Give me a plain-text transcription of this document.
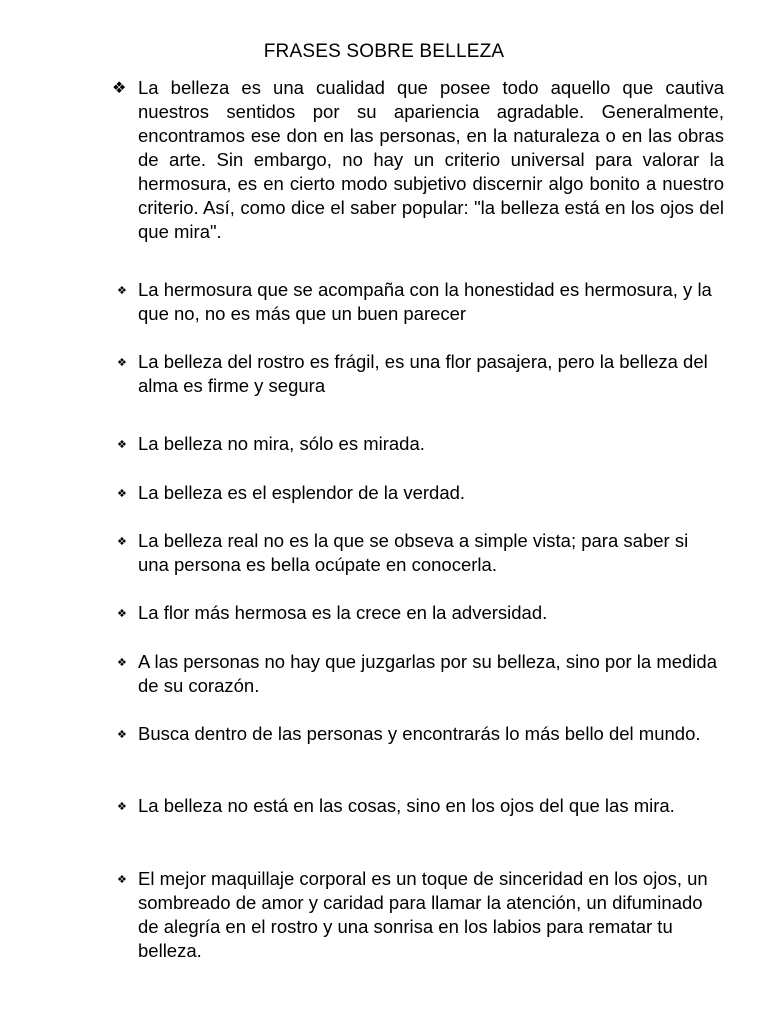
FRASES SOBRE BELLEZA
❖ La belleza es una cualidad que posee todo aquello que cautiva nuestros sentidos por su apariencia agradable. Generalmente, encontramos ese don en las personas, en la naturaleza o en las obras de arte. Sin embargo, no hay un criterio universal para valorar la hermosura, es en cierto modo subjetivo discernir algo bonito a nuestro criterio. Así, como dice el saber popular: "la belleza está en los ojos del que mira".
❖ La hermosura que se acompaña con la honestidad es hermosura, y la que no, no es más que un buen parecer
❖ La belleza del rostro es frágil, es una flor pasajera, pero la belleza del alma es firme y segura
❖ La belleza no mira, sólo es mirada.
❖ La belleza es el esplendor de la verdad.
❖ La belleza real no es la que se obseva a simple vista; para saber si una persona es bella ocúpate en conocerla.
❖ La flor más hermosa es la crece en la adversidad.
❖ A las personas no hay que juzgarlas por su belleza, sino por la medida de su corazón.
❖ Busca dentro de las personas y encontrarás lo más bello del mundo.
❖ La belleza no está en las cosas, sino en los ojos del que las mira.
❖ El mejor maquillaje corporal es un toque de sinceridad en los ojos, un sombreado de amor y caridad para llamar la atención, un difuminado de alegría en el rostro y una sonrisa en los labios para rematar tu belleza.
